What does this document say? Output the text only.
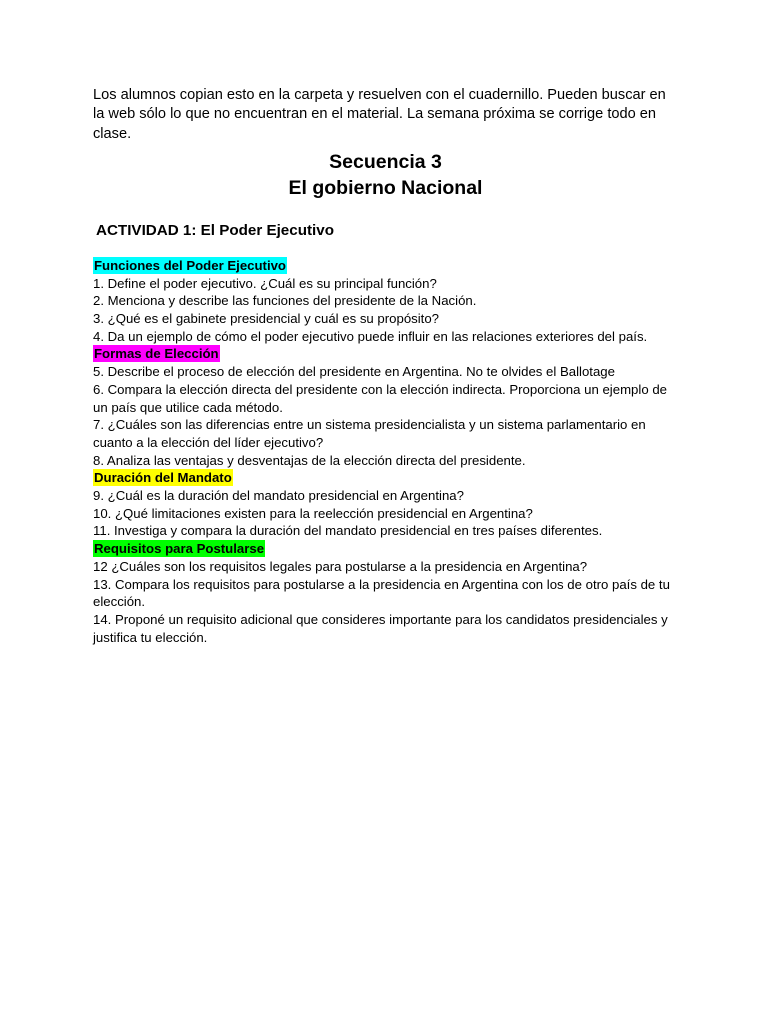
Los alumnos copian esto en la carpeta y resuelven con el cuadernillo. Pueden buscar en la web sólo lo que no encuentran en el material. La semana próxima se corrige todo en clase.

Secuencia 3
El gobierno Nacional
ACTIVIDAD 1: El Poder Ejecutivo
Funciones del Poder Ejecutivo

1. Define el poder ejecutivo. ¿Cuál es su principal función?

2. Menciona y describe las funciones del presidente de la Nación.

3. ¿Qué es el gabinete presidencial y cuál es su propósito?

4. Da un ejemplo de cómo el poder ejecutivo puede influir en las relaciones exteriores del país.

Formas de Elección

5. Describe el proceso de elección del presidente en Argentina. No te olvides el Ballotage

6. Compara la elección directa del presidente con la elección indirecta. Proporciona un ejemplo de un país que utilice cada método.

7. ¿Cuáles son las diferencias entre un sistema presidencialista y un sistema parlamentario en cuanto a la elección del líder ejecutivo?

8. Analiza las ventajas y desventajas de la elección directa del presidente.

Duración del Mandato

9. ¿Cuál es la duración del mandato presidencial en Argentina?

10. ¿Qué limitaciones existen para la reelección presidencial en Argentina?

11. Investiga y compara la duración del mandato presidencial en tres países diferentes.

Requisitos para Postularse

12 ¿Cuáles son los requisitos legales para postularse a la presidencia en Argentina?

13. Compara los requisitos para postularse a la presidencia en Argentina con los de otro país de tu elección.

14. Proponé un requisito adicional que consideres importante para los candidatos presidenciales y justifica tu elección.
